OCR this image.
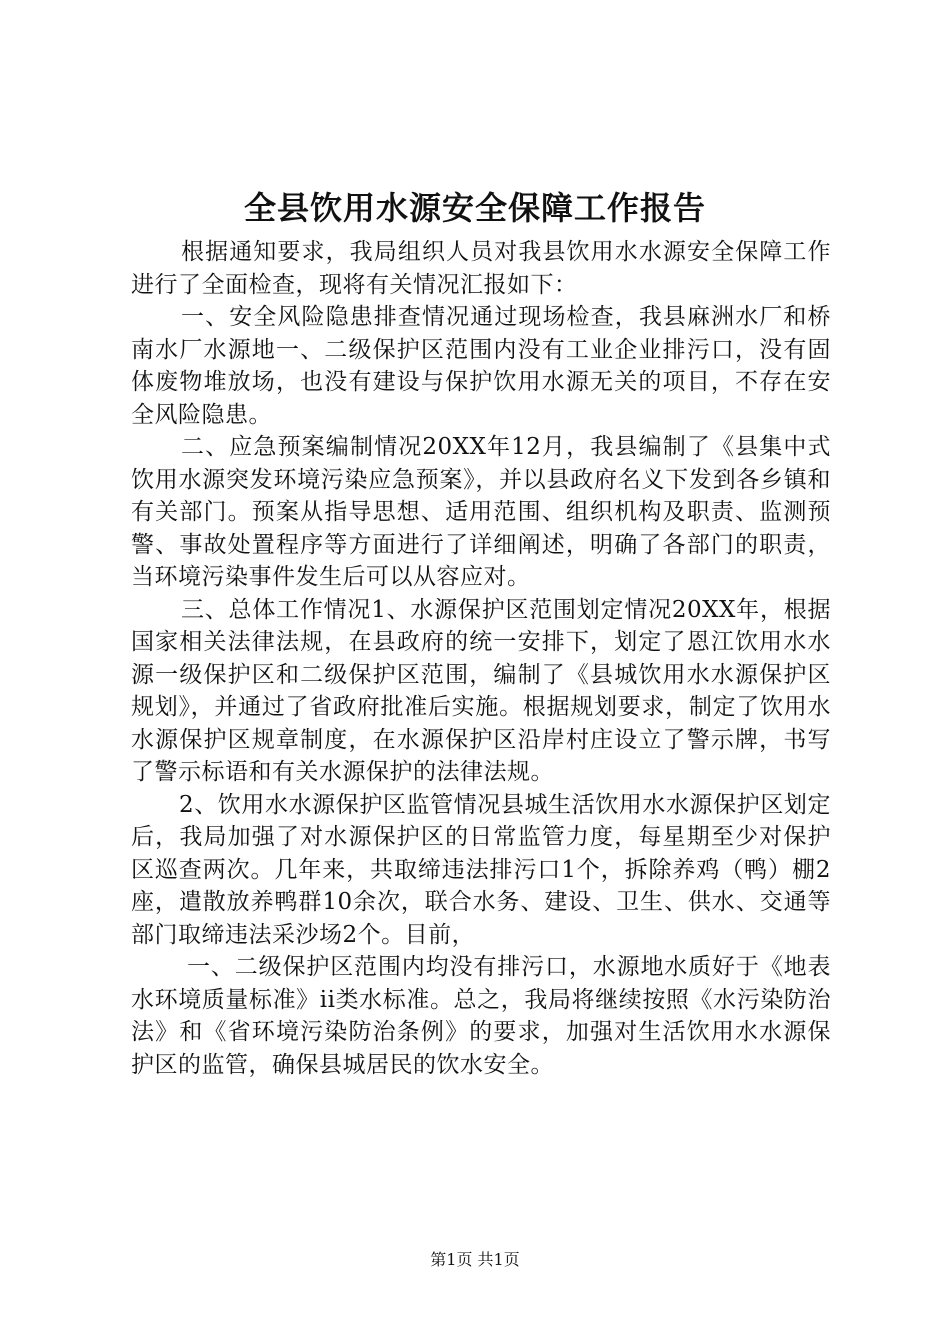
全县饮用水源安全保障工作报告

根据通知要求，我局组织人员对我县饮用水水源安全保障工作进行了全面检查，现将有关情况汇报如下：

一、安全风险隐患排查情况通过现场检查，我县麻洲水厂和桥南水厂水源地一、二级保护区范围内没有工业企业排污口，没有固体废物堆放场，也没有建设与保护饮用水源无关的项目，不存在安全风险隐患。

二、应急预案编制情况20XX年12月，我县编制了《县集中式饮用水源突发环境污染应急预案》，并以县政府名义下发到各乡镇和有关部门。预案从指导思想、适用范围、组织机构及职责、监测预警、事故处置程序等方面进行了详细阐述，明确了各部门的职责，当环境污染事件发生后可以从容应对。

三、总体工作情况1、水源保护区范围划定情况20XX年，根据国家相关法律法规，在县政府的统一安排下，划定了恩江饮用水水源一级保护区和二级保护区范围，编制了《县城饮用水水源保护区规划》，并通过了省政府批准后实施。根据规划要求，制定了饮用水水源保护区规章制度，在水源保护区沿岸村庄设立了警示牌，书写了警示标语和有关水源保护的法律法规。

2、饮用水水源保护区监管情况县城生活饮用水水源保护区划定后，我局加强了对水源保护区的日常监管力度，每星期至少对保护区巡查两次。几年来，共取缔违法排污口1个，拆除养鸡（鸭）棚2座，遣散放养鸭群10余次，联合水务、建设、卫生、供水、交通等部门取缔违法采沙场2个。目前，

一、二级保护区范围内均没有排污口，水源地水质好于《地表水环境质量标准》ii类水标准。总之，我局将继续按照《水污染防治法》和《省环境污染防治条例》的要求，加强对生活饮用水水源保护区的监管，确保县城居民的饮水安全。

第1页 共1页
